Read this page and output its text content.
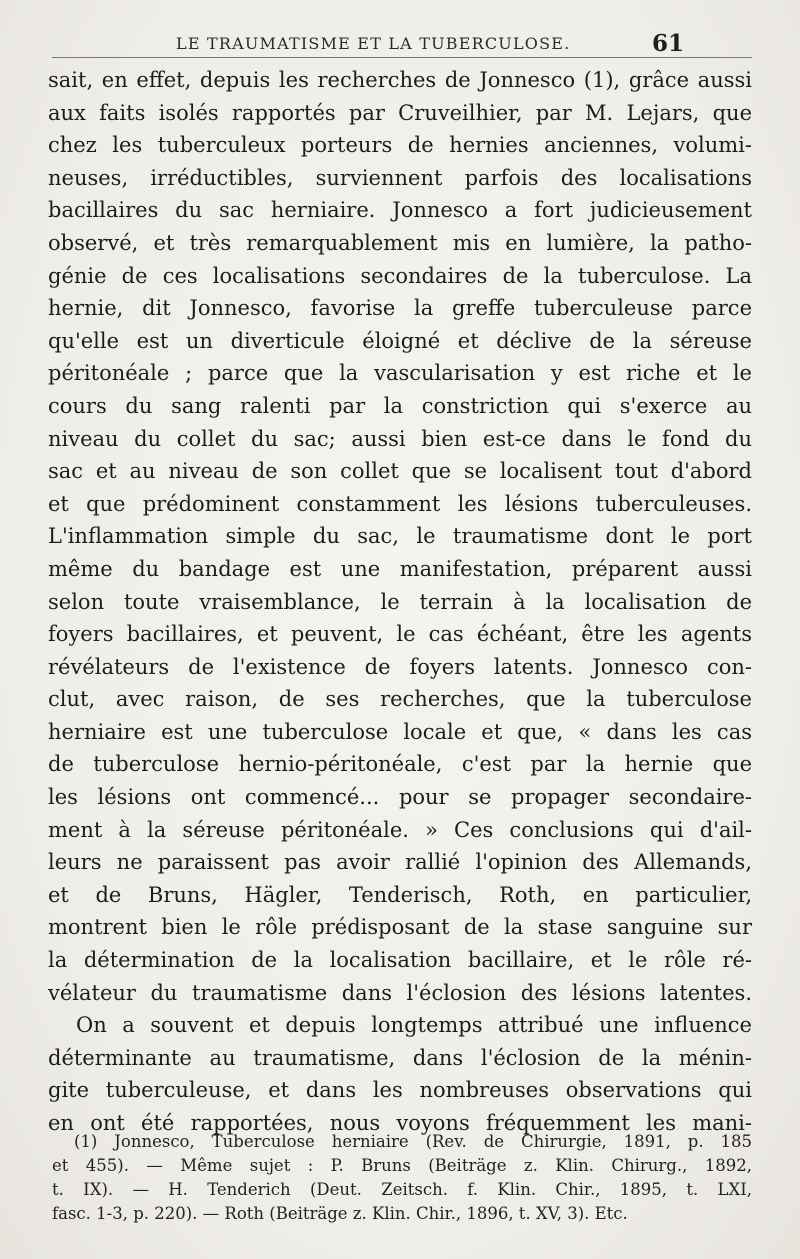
LE TRAUMATISME ET LA TUBERCULOSE.	61
sait, en effet, depuis les recherches de Jonnesco (1), grâce aussi
aux faits isolés rapportés par Cruveilhier, par M. Lejars, que
chez les tuberculeux porteurs de hernies anciennes, volumi-
neuses, irréductibles, surviennent parfois des localisations
bacillaires du sac herniaire. Jonnesco a fort judicieusement
observé, et très remarquablement mis en lumière, la patho-
génie de ces localisations secondaires de la tuberculose. La
hernie, dit Jonnesco, favorise la greffe tuberculeuse parce
qu'elle est un diverticule éloigné et déclive de la séreuse
péritonéale ; parce que la vascularisation y est riche et le
cours du sang ralenti par la constriction qui s'exerce au
niveau du collet du sac; aussi bien est-ce dans le fond du
sac et au niveau de son collet que se localisent tout d'abord
et que prédominent constamment les lésions tuberculeuses.
L'inflammation simple du sac, le traumatisme dont le port
même du bandage est une manifestation, préparent aussi
selon toute vraisemblance, le terrain à la localisation de
foyers bacillaires, et peuvent, le cas échéant, être les agents
révélateurs de l'existence de foyers latents. Jonnesco con-
clut, avec raison, de ses recherches, que la tuberculose
herniaire est une tuberculose locale et que, « dans les cas
de tuberculose hernio-péritonéale, c'est par la hernie que
les lésions ont commencé... pour se propager secondaire-
ment à la séreuse péritonéale. » Ces conclusions qui d'ail-
leurs ne paraissent pas avoir rallié l'opinion des Allemands,
et de Bruns, Hägler, Tenderisch, Roth, en particulier,
montrent bien le rôle prédisposant de la stase sanguine sur
la détermination de la localisation bacillaire, et le rôle ré-
vélateur du traumatisme dans l'éclosion des lésions latentes.
On a souvent et depuis longtemps attribué une influence
déterminante au traumatisme, dans l'éclosion de la ménin-
gite tuberculeuse, et dans les nombreuses observations qui
en ont été rapportées, nous voyons fréquemment les mani-
(1) Jonnesco, Tuberculose herniaire (Rev. de Chirurgie, 1891, p. 185
et 455). — Même sujet : P. Bruns (Beiträge z. Klin. Chirurg., 1892,
t. IX). — H. Tenderich (Deut. Zeitsch. f. Klin. Chir., 1895, t. LXI,
fasc. 1-3, p. 220). — Roth (Beiträge z. Klin. Chir., 1896, t. XV, 3). Etc.
